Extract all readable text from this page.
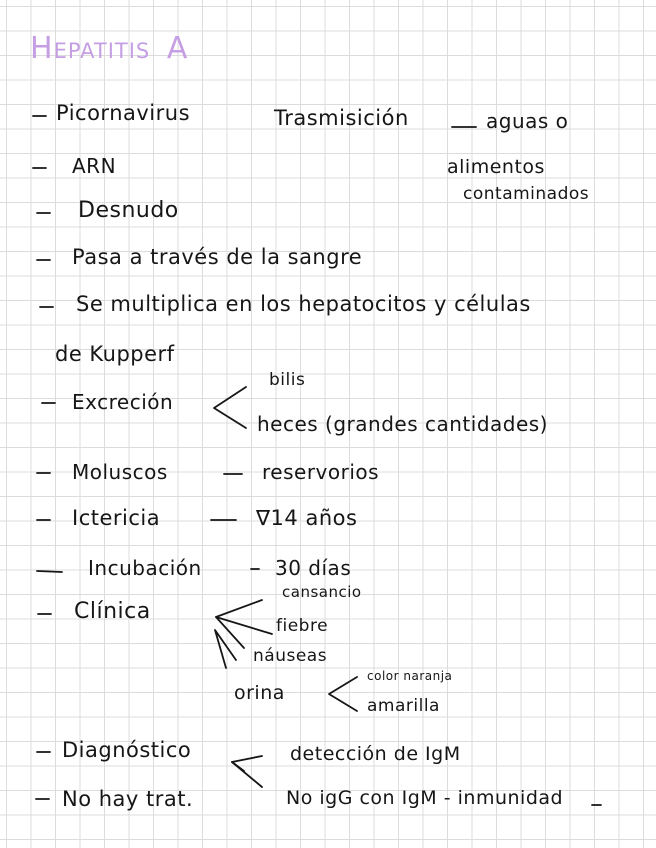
HEPATITIS A
Picornavirus
ARN
Desnudo
Pasa a través de la sangre
Se multiplica en los hepatocitos y células
de Kupperf
Excreción
Moluscos
Ictericia
Incubación
Clínica
Diagnóstico
No hay trat.
Trasmisición	aguas o
alimentos
contaminados
bilis
heces (grandes cantidades)
reservorios
∇14 años
30 días
cansancio
fiebre
náuseas
orina
color naranja
amarilla
detección de IgM
No igG con IgM - inmunidad
